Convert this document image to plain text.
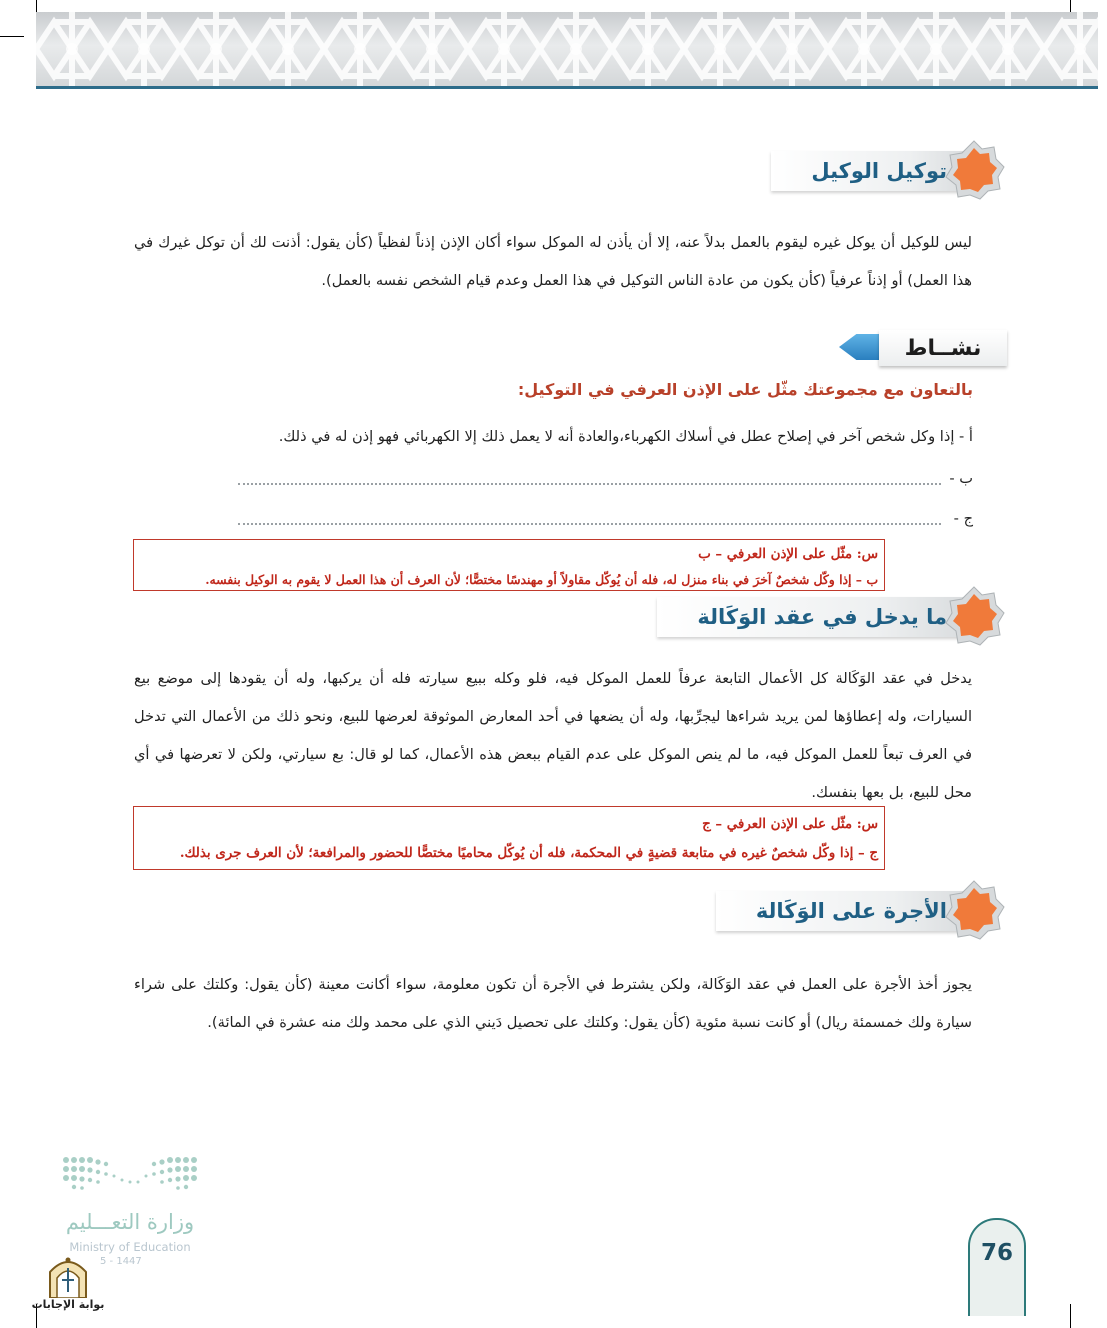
توكيل الوكيل
ليس للوكيل أن يوكل غيره ليقوم بالعمل بدلاً عنه، إلا أن يأذن له الموكل سواء أكان الإذن إذناً لفظياً (كأن يقول: أذنت لك أن توكل غيرك في هذا العمل) أو إذناً عرفياً (كأن يكون من عادة الناس التوكيل في هذا العمل وعدم قيام الشخص نفسه بالعمل).
نشــاط
بالتعاون مع مجموعتك مثّل على الإذن العرفي في التوكيل:
أ - إذا وكل شخص آخر في إصلاح عطل في أسلاك الكهرباء،والعادة أنه لا يعمل ذلك إلا الكهربائي فهو إذن له في ذلك.
ب -
ج -
س: مثّل على الإذن العرفي – ب
ب – إذا وكّل شخصٌ آخرَ في بناء منزل له، فله أن يُوكّل مقاولاً أو مهندسًا مختصًّا؛ لأن العرف أن هذا العمل لا يقوم به الوكيل بنفسه.
ما يدخل في عقد الوَكَالة
يدخل في عقد الوَكَالة كل الأعمال التابعة عرفاً للعمل الموكل فيه، فلو وكله ببيع سيارته فله أن يركبها، وله أن يقودها إلى موضع بيع السيارات، وله إعطاؤها لمن يريد شراءها ليجرِّبها، وله أن يضعها في أحد المعارض الموثوقة لعرضها للبيع، ونحو ذلك من الأعمال التي تدخل في العرف تبعاً للعمل الموكل فيه، ما لم ينص الموكل على عدم القيام ببعض هذه الأعمال، كما لو قال: بع سيارتي، ولكن لا تعرضها في أي محل للبيع، بل بعها بنفسك.
س: مثّل على الإذن العرفي – ج
ج – إذا وكّل شخصٌ غيره في متابعة قضيةٍ في المحكمة، فله أن يُوكّل محاميًا مختصًّا للحضور والمرافعة؛ لأن العرف جرى بذلك.
الأجرة على الوَكَالة
يجوز أخذ الأجرة على العمل في عقد الوَكَالة، ولكن يشترط في الأجرة أن تكون معلومة، سواء أكانت معينة (كأن يقول: وكلتك على شراء سيارة ولك خمسمئة ريال) أو كانت نسبة مئوية (كأن يقول: وكلتك على تحصيل دَيني الذي على محمد ولك منه عشرة في المائة).
وزارة التعـــليم
Ministry of Education
5 - 1447
بوابة الإجابات
76
